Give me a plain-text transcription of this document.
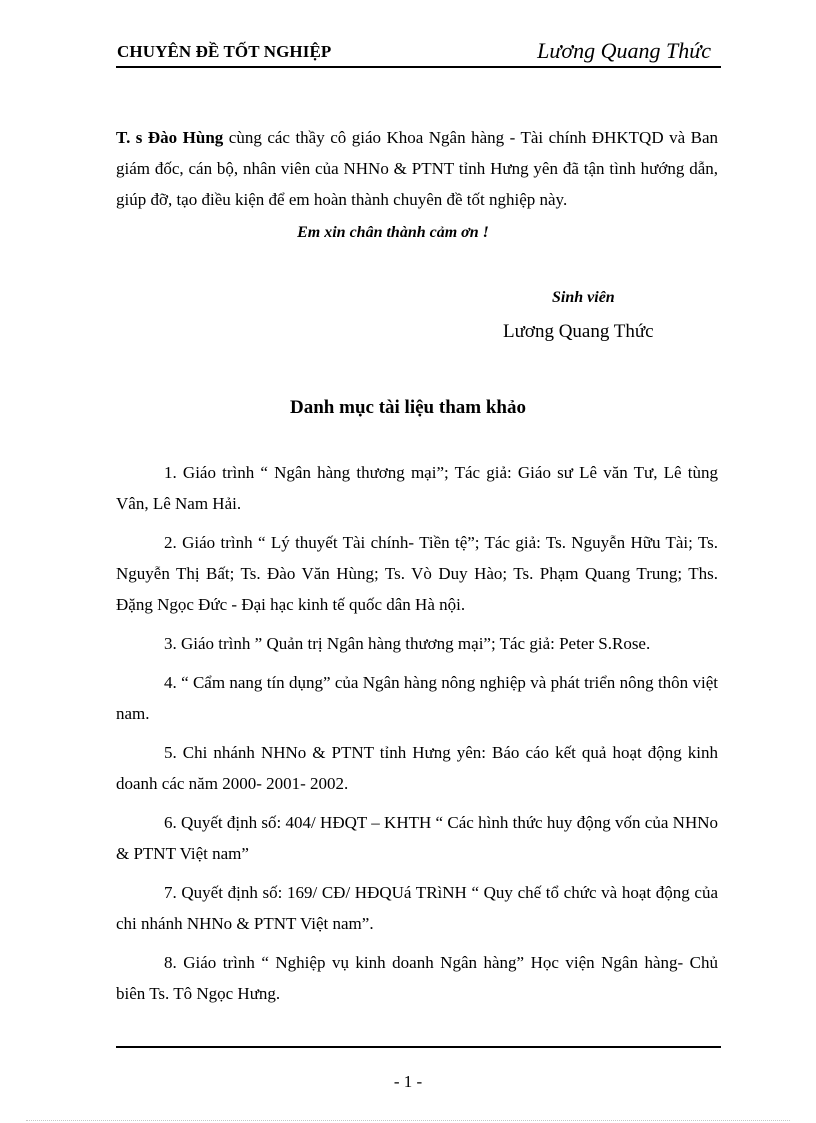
CHUYÊN ĐỀ TỐT NGHIỆP	Lương Quang Thức

T. s Đào Hùng cùng các thầy cô giáo Khoa Ngân hàng - Tài chính ĐHKTQD và Ban giám đốc, cán bộ, nhân viên của NHNo & PTNT tỉnh Hưng yên đã tận tình hướng dẫn, giúp đỡ, tạo điều kiện để em hoàn thành chuyên đề tốt nghiệp này.

Em xin chân thành cảm ơn !

Sinh viên
Lương Quang Thức
Danh mục tài liệu tham khảo
1. Giáo trình “ Ngân hàng thương mại”; Tác giả: Giáo sư Lê văn Tư, Lê tùng Vân, Lê Nam Hải.
2. Giáo trình “ Lý thuyết Tài chính- Tiền tệ”; Tác giả: Ts. Nguyễn Hữu Tài; Ts. Nguyễn Thị Bất; Ts. Đào Văn Hùng; Ts. Vò Duy Hào; Ts. Phạm Quang Trung; Ths. Đặng Ngọc Đức - Đại hạc kinh tế quốc dân Hà nội.
3. Giáo trình ” Quản trị Ngân hàng thương mại”; Tác giả: Peter S.Rose.
4. “ Cẩm nang tín dụng” của Ngân hàng nông nghiệp và phát triển nông thôn việt nam.
5. Chi nhánh NHNo & PTNT tỉnh Hưng yên: Báo cáo kết quả hoạt động kinh doanh các năm 2000- 2001- 2002.
6. Quyết định số: 404/ HĐQT – KHTH “ Các hình thức huy động vốn của NHNo & PTNT Việt nam”
7. Quyết định số: 169/ CĐ/ HĐQUá TRìNH “ Quy chế tổ chức và hoạt động của chi nhánh NHNo & PTNT Việt nam”.
8. Giáo trình “ Nghiệp vụ kinh doanh Ngân hàng” Học viện Ngân hàng- Chủ biên Ts. Tô Ngọc Hưng.
- 1 -
